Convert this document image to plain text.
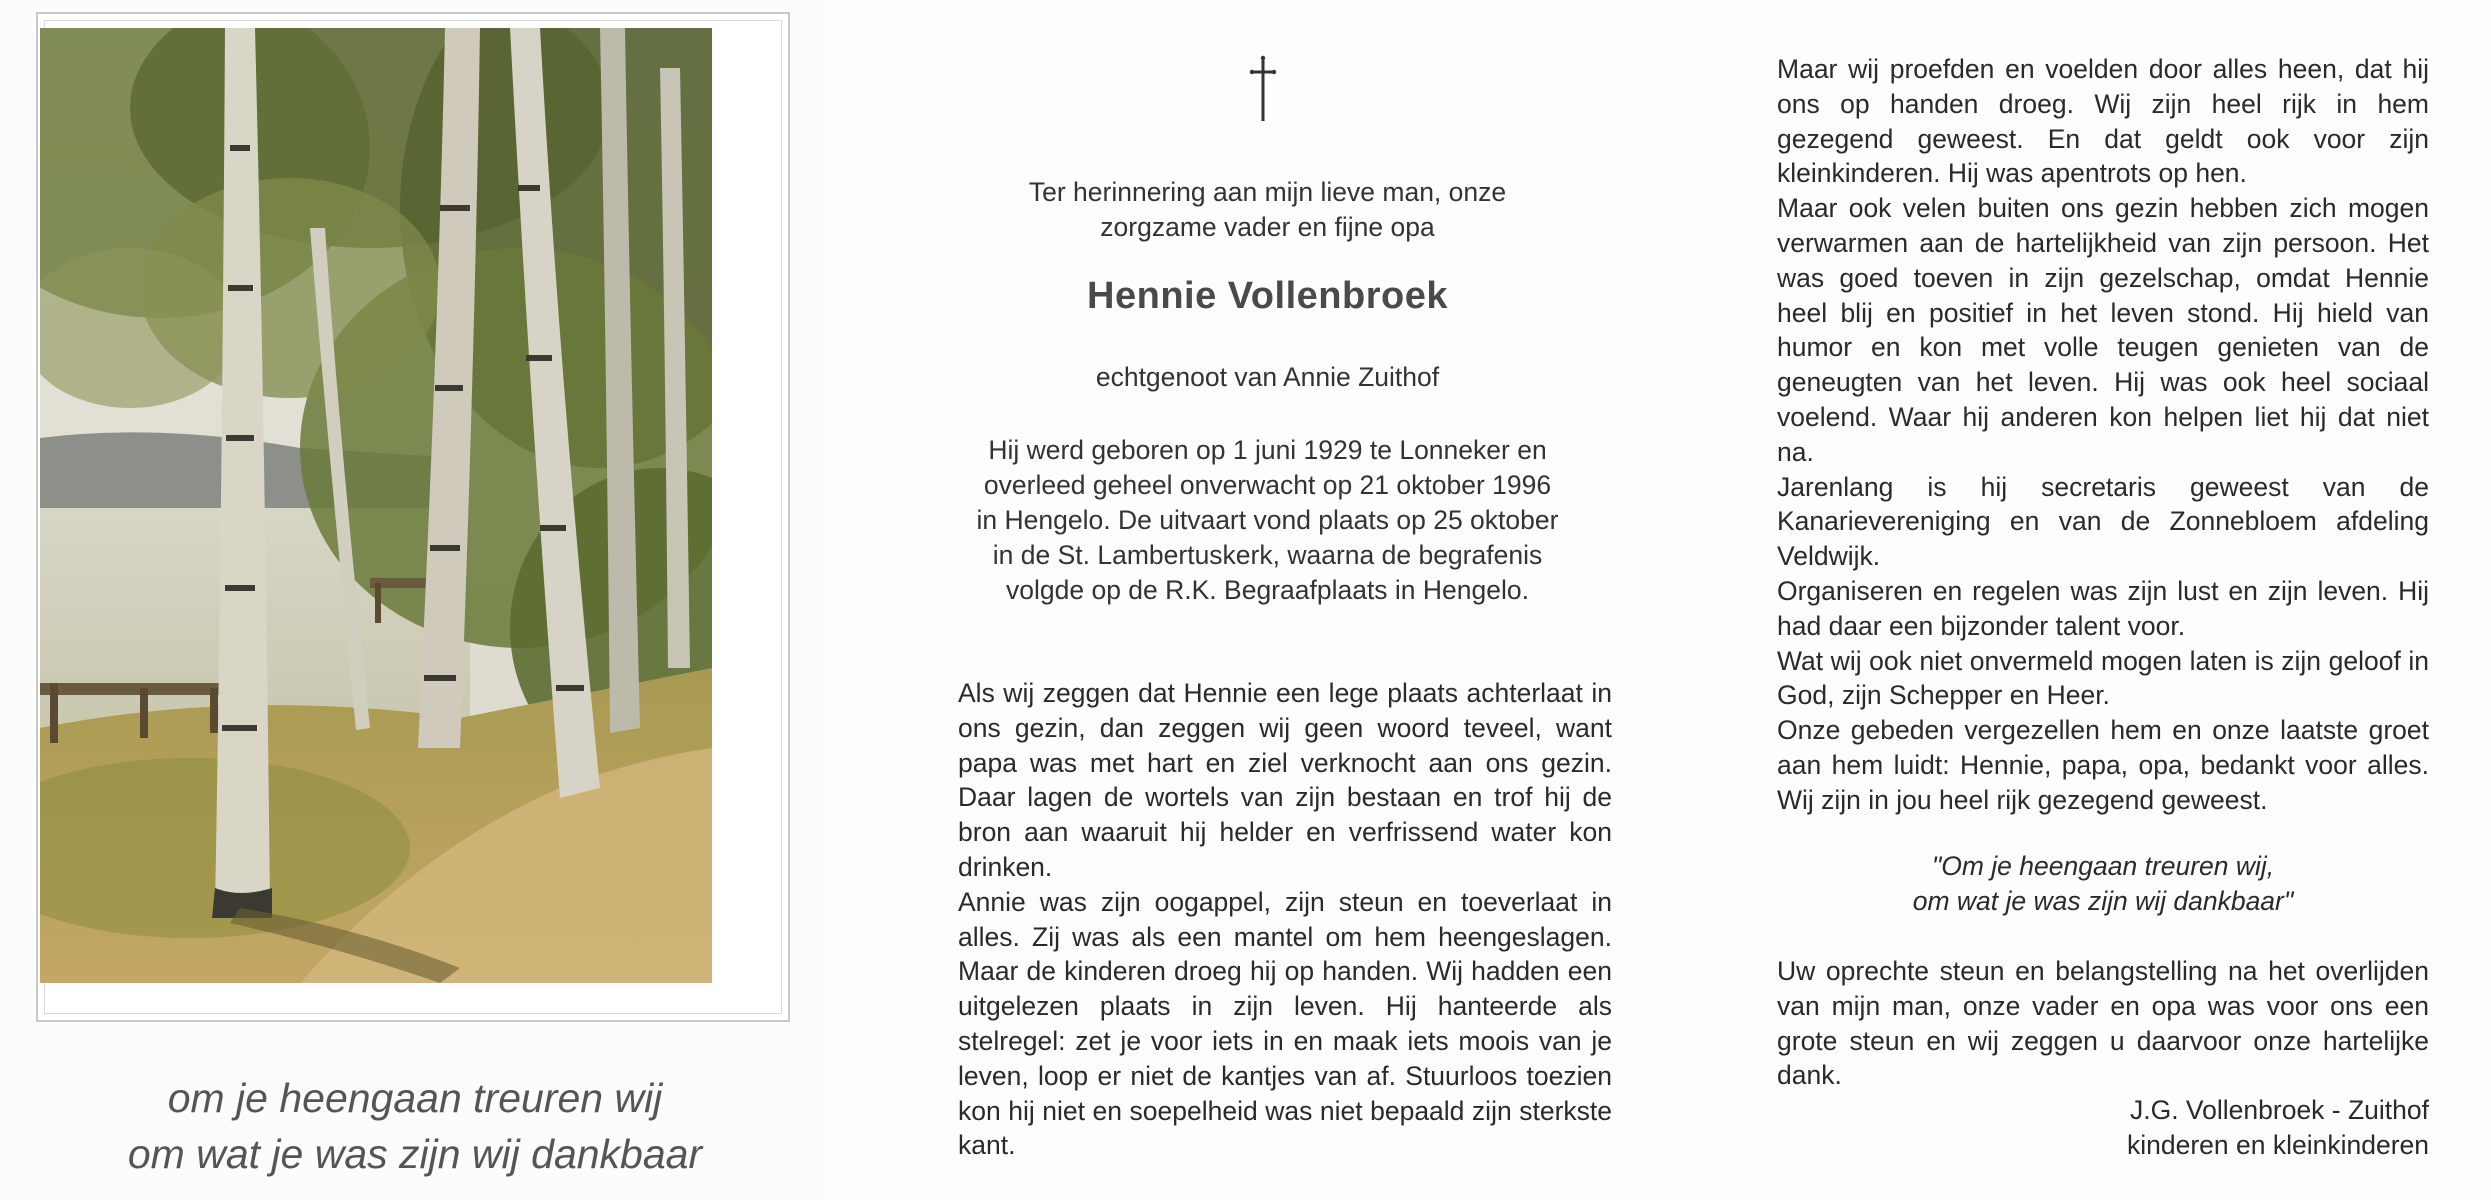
om je heengaan treuren wij
om wat je was zijn wij dankbaar
Ter herinnering aan mijn lieve man, onze
zorgzame vader en fijne opa
Hennie Vollenbroek
echtgenoot van Annie Zuithof
Hij werd geboren op 1 juni 1929 te Lonneker en
overleed geheel onverwacht op 21 oktober 1996
in Hengelo. De uitvaart vond plaats op 25 oktober
in de St. Lambertuskerk, waarna de begrafenis
volgde op de R.K. Begraafplaats in Hengelo.

Als wij zeggen dat Hennie een lege plaats achterlaat in ons gezin, dan zeggen wij geen woord teveel, want papa was met hart en ziel verknocht aan ons gezin. Daar lagen de wortels van zijn bestaan en trof hij de bron aan waaruit hij helder en verfrissend water kon drinken.

Annie was zijn oogappel, zijn steun en toeverlaat in alles. Zij was als een mantel om hem heengeslagen. Maar de kinderen droeg hij op handen. Wij hadden een uitgelezen plaats in zijn leven. Hij hanteerde als stelregel: zet je voor iets in en maak iets moois van je leven, loop er niet de kantjes van af. Stuurloos toezien kon hij niet en soepelheid was niet bepaald zijn sterkste kant.

Maar wij proefden en voelden door alles heen, dat hij ons op handen droeg. Wij zijn heel rijk in hem gezegend geweest. En dat geldt ook voor zijn kleinkinderen. Hij was apentrots op hen.

Maar ook velen buiten ons gezin hebben zich mogen verwarmen aan de hartelijkheid van zijn persoon. Het was goed toeven in zijn gezelschap, omdat Hennie heel blij en positief in het leven stond. Hij hield van humor en kon met volle teugen genieten van de geneugten van het leven. Hij was ook heel sociaal voelend. Waar hij anderen kon helpen liet hij dat niet na.

Jarenlang is hij secretaris geweest van de Kanarievereniging en van de Zonnebloem afdeling Veldwijk.

Organiseren en regelen was zijn lust en zijn leven. Hij had daar een bijzonder talent voor.

Wat wij ook niet onvermeld mogen laten is zijn geloof in God, zijn Schepper en Heer.

Onze gebeden vergezellen hem en onze laatste groet aan hem luidt: Hennie, papa, opa, bedankt voor alles. Wij zijn in jou heel rijk gezegend geweest.

"Om je heengaan treuren wij,
om wat je was zijn wij dankbaar"

Uw oprechte steun en belangstelling na het overlijden van mijn man, onze vader en opa was voor ons een grote steun en wij zeggen u daarvoor onze hartelijke dank.

J.G. Vollenbroek - Zuithof
kinderen en kleinkinderen
